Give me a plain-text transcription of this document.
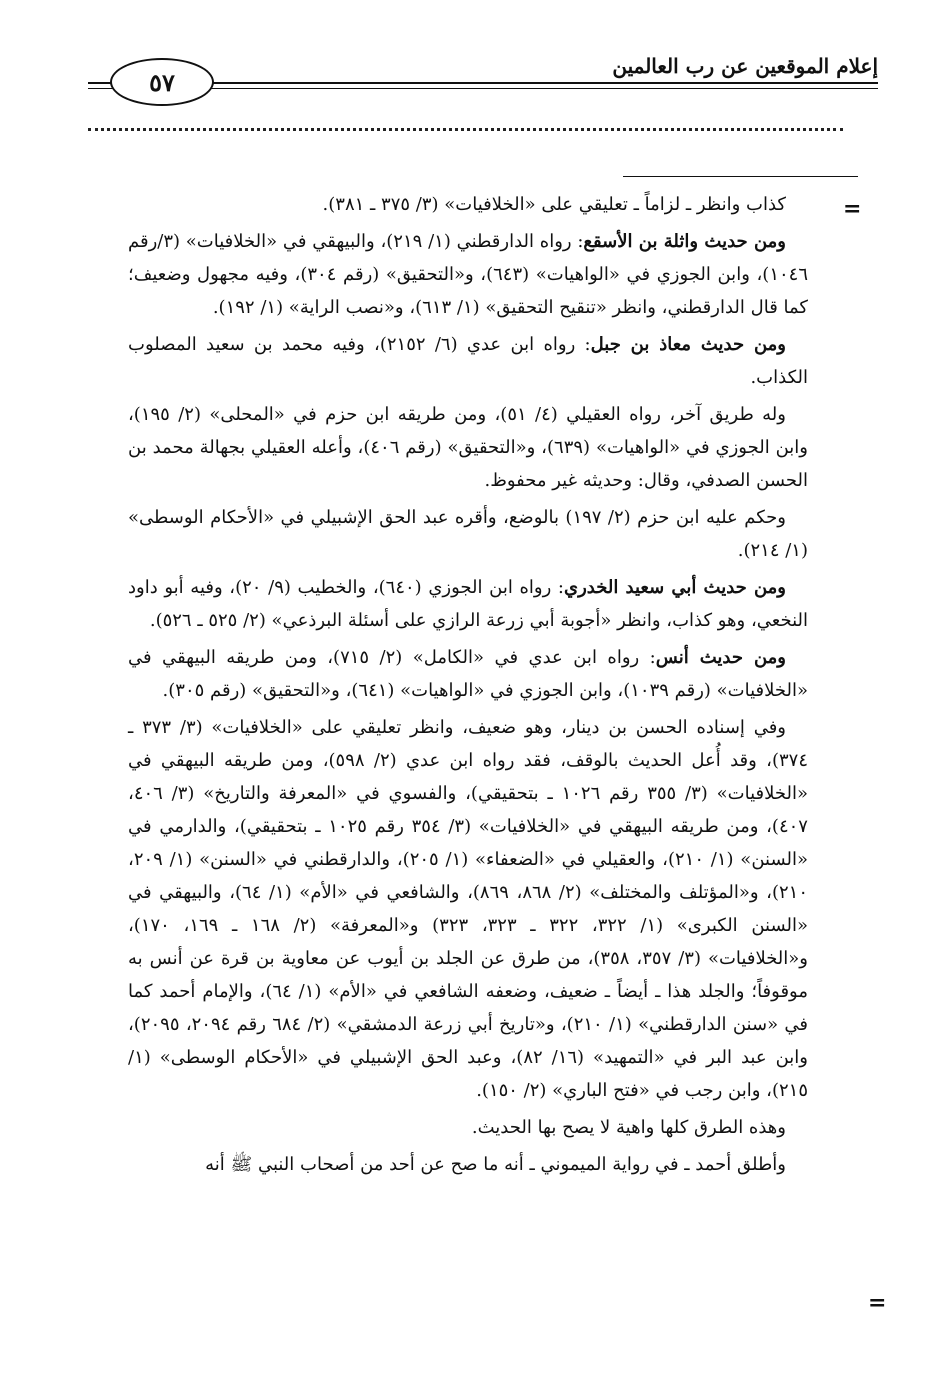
إعلام الموقعين عن رب العالمين
٥٧
=
=

كذاب وانظر ـ لزاماً ـ تعليقي على «الخلافيات» (٣/ ٣٧٥ ـ ٣٨١).

ومن حديث واثلة بن الأسقع: رواه الدارقطني (١/ ٢١٩)، والبيهقي في «الخلافيات» (٣/رقم ١٠٤٦)، وابن الجوزي في «الواهيات» (٦٤٣)، و«التحقيق» (رقم ٣٠٤)، وفيه مجهول وضعيف؛ كما قال الدارقطني، وانظر «تنقيح التحقيق» (١/ ٦١٣)، و«نصب الراية» (١/ ١٩٢).

ومن حديث معاذ بن جبل: رواه ابن عدي (٦/ ٢١٥٢)، وفيه محمد بن سعيد المصلوب الكذاب.

وله طريق آخر، رواه العقيلي (٤/ ٥١)، ومن طريقه ابن حزم في «المحلى» (٢/ ١٩٥)، وابن الجوزي في «الواهيات» (٦٣٩)، و«التحقيق» (رقم ٤٠٦)، وأعله العقيلي بجهالة محمد بن الحسن الصدفي، وقال: وحديثه غير محفوظ.

وحكم عليه ابن حزم (٢/ ١٩٧) بالوضع، وأقره عبد الحق الإشبيلي في «الأحكام الوسطى» (١/ ٢١٤).

ومن حديث أبي سعيد الخدري: رواه ابن الجوزي (٦٤٠)، والخطيب (٩/ ٢٠)، وفيه أبو داود النخعي، وهو كذاب، وانظر «أجوبة أبي زرعة الرازي على أسئلة البرذعي» (٢/ ٥٢٥ ـ ٥٢٦).

ومن حديث أنس: رواه ابن عدي في «الكامل» (٢/ ٧١٥)، ومن طريقه البيهقي في «الخلافيات» (رقم ١٠٣٩)، وابن الجوزي في «الواهيات» (٦٤١)، و«التحقيق» (رقم ٣٠٥).

وفي إسناده الحسن بن دينار، وهو ضعيف، وانظر تعليقي على «الخلافيات» (٣/ ٣٧٣ ـ ٣٧٤)، وقد أُعل الحديث بالوقف، فقد رواه ابن عدي (٢/ ٥٩٨)، ومن طريقه البيهقي في «الخلافيات» (٣/ ٣٥٥ رقم ١٠٢٦ ـ بتحقيقي)، والفسوي في «المعرفة والتاريخ» (٣/ ٤٠٦، ٤٠٧)، ومن طريقه البيهقي في «الخلافيات» (٣/ ٣٥٤ رقم ١٠٢٥ ـ بتحقيقي)، والدارمي في «السنن» (١/ ٢١٠)، والعقيلي في «الضعفاء» (١/ ٢٠٥)، والدارقطني في «السنن» (١/ ٢٠٩، ٢١٠)، و«المؤتلف والمختلف» (٢/ ٨٦٨، ٨٦٩)، والشافعي في «الأم» (١/ ٦٤)، والبيهقي في «السنن الكبرى» (١/ ٣٢٢، ٣٢٢ ـ ٣٢٣، ٣٢٣) و«المعرفة» (٢/ ١٦٨ ـ ١٦٩، ١٧٠)، و«الخلافيات» (٣/ ٣٥٧، ٣٥٨)، من طرق عن الجلد بن أيوب عن معاوية بن قرة عن أنس به موقوفاً؛ والجلد هذا ـ أيضاً ـ ضعيف، وضعفه الشافعي في «الأم» (١/ ٦٤)، والإمام أحمد كما في «سنن الدارقطني» (١/ ٢١٠)، و«تاريخ أبي زرعة الدمشقي» (٢/ ٦٨٤ رقم ٢٠٩٤، ٢٠٩٥)، وابن عبد البر في «التمهيد» (١٦/ ٨٢)، وعبد الحق الإشبيلي في «الأحكام الوسطى» (١/ ٢١٥)، وابن رجب في «فتح الباري» (٢/ ١٥٠).

وهذه الطرق كلها واهية لا يصح بها الحديث.

وأطلق أحمد ـ في رواية الميموني ـ أنه ما صح عن أحد من أصحاب النبي ﷺ أنه
